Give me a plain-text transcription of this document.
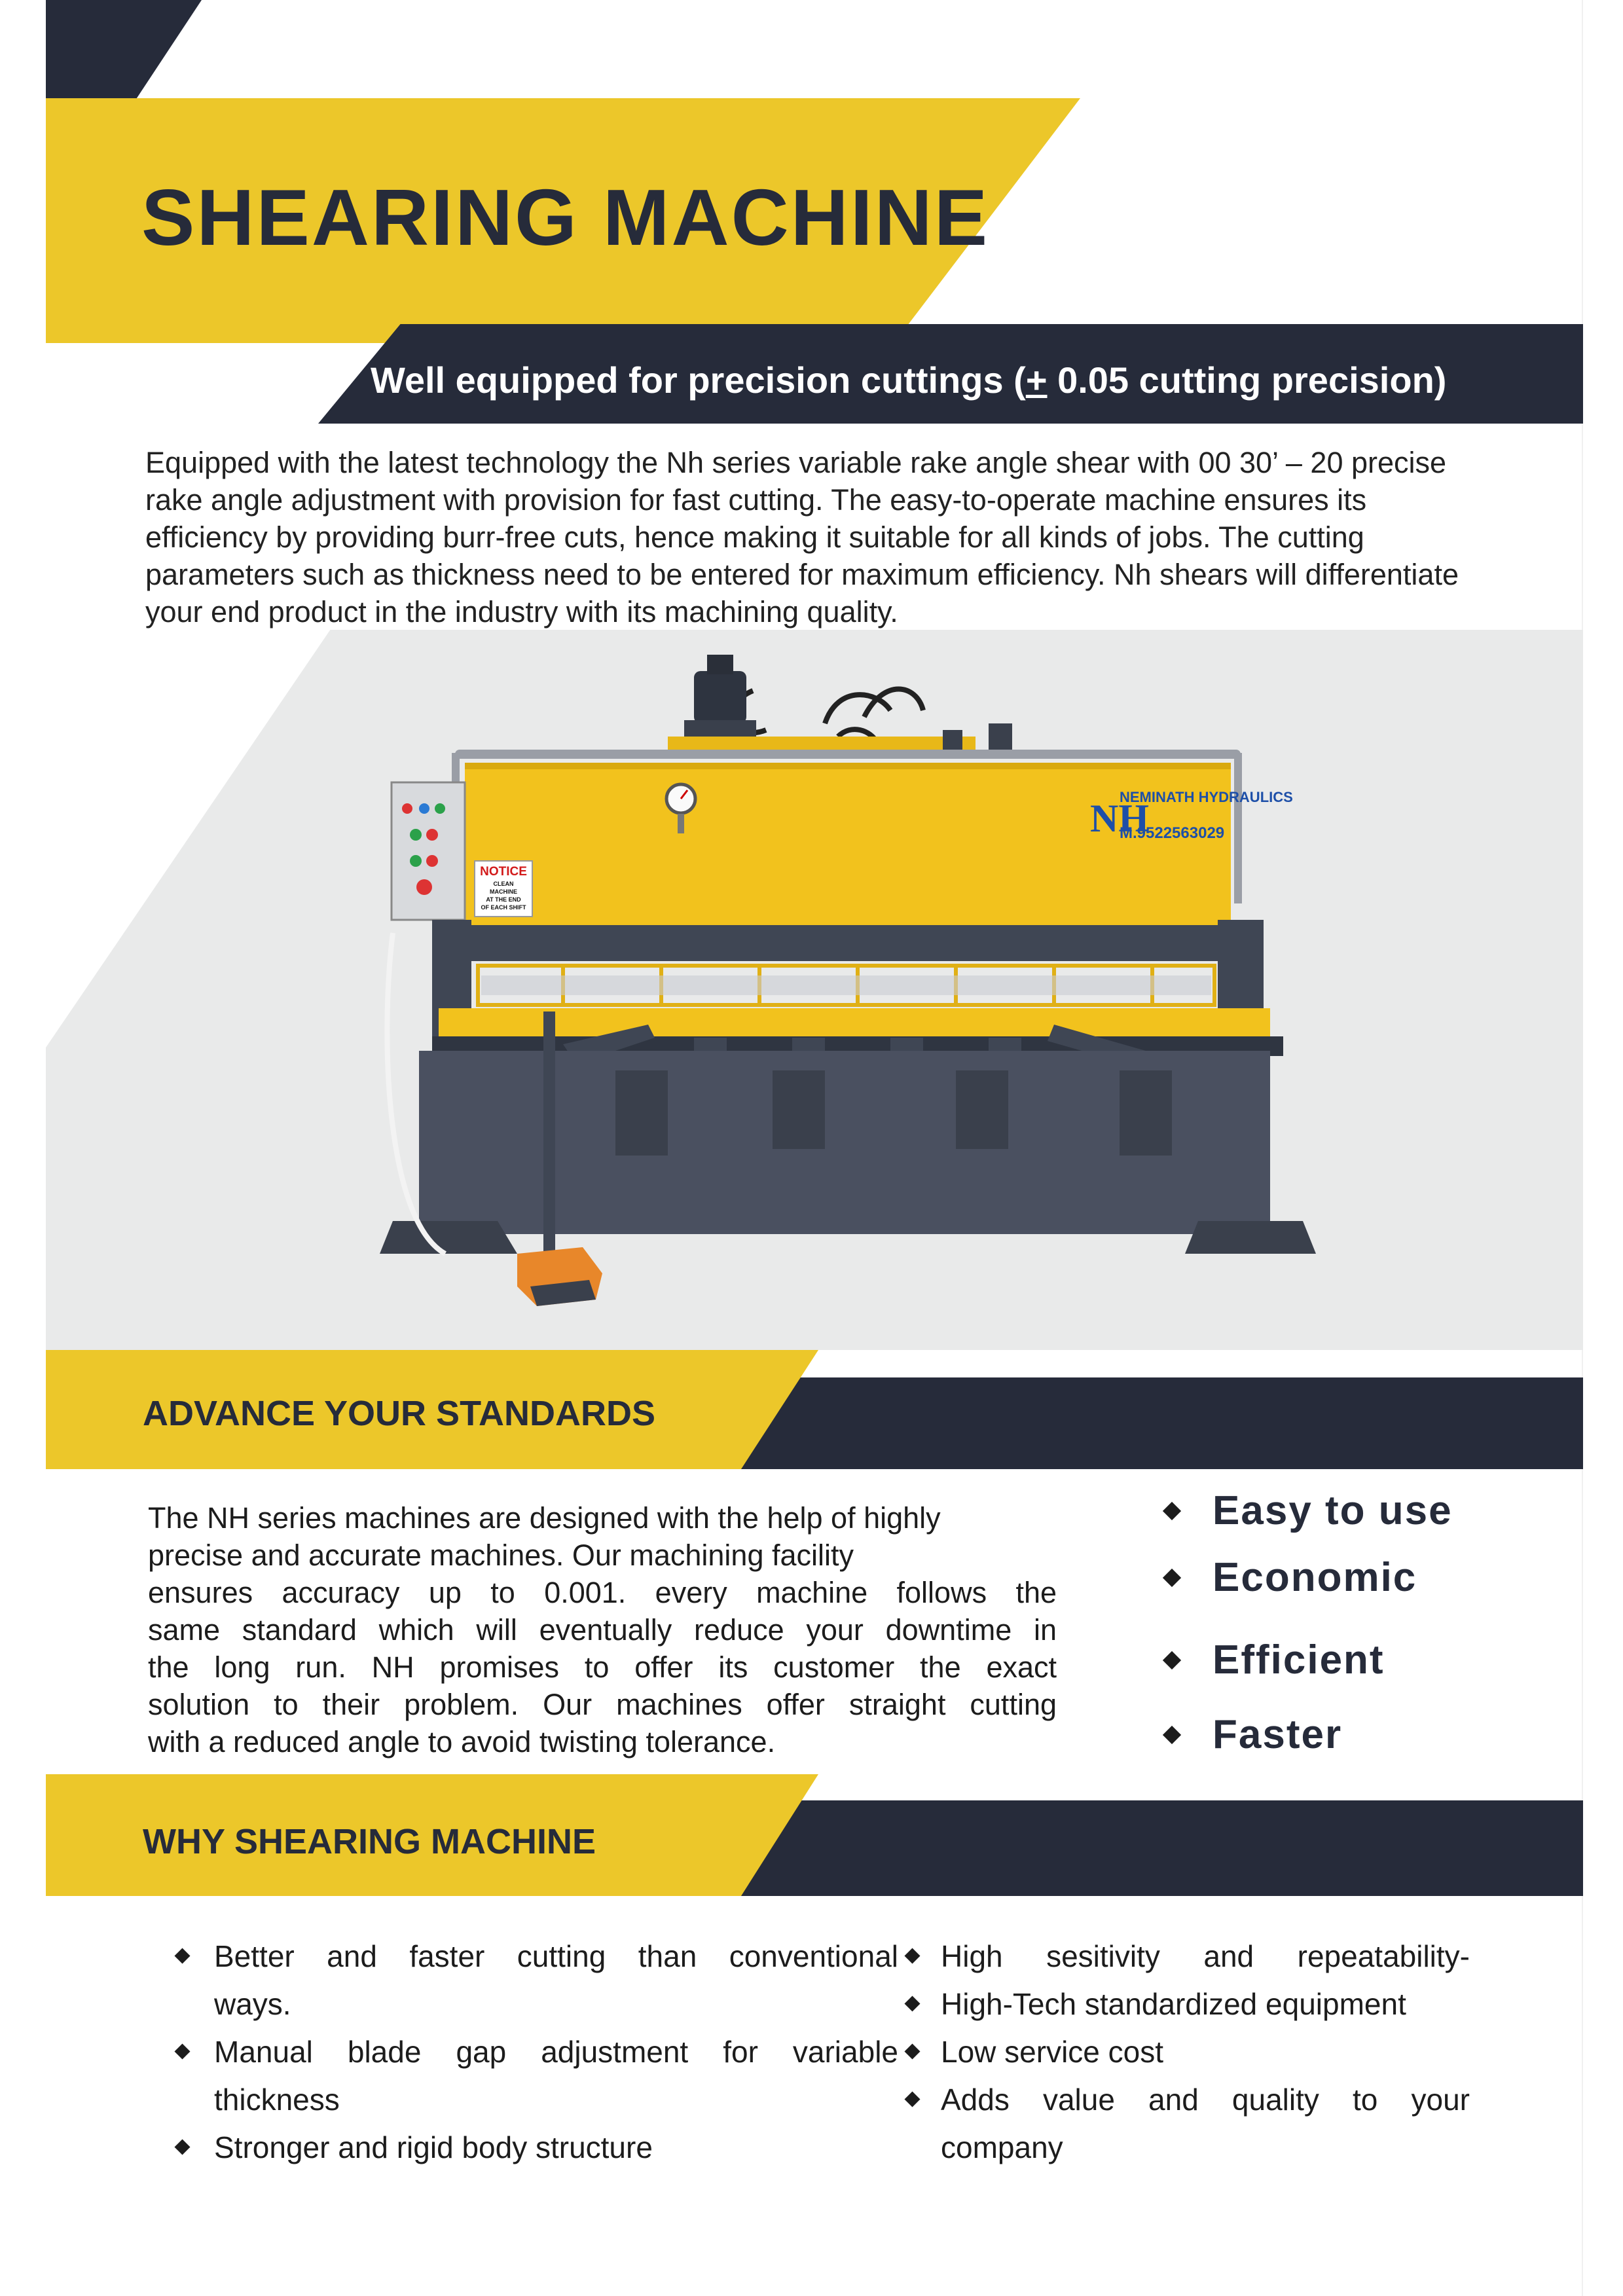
SHEARING MACHINE
Well equipped for precision cuttings (+ 0.05 cutting precision)
Equipped with the latest technology the Nh series variable rake angle shear with 00 30’ – 20 precise rake angle adjustment with provision for fast cutting. The easy-to-operate machine ensures its efficiency by providing burr-free cuts, hence making it suitable for all kinds of jobs. The cutting parameters such as thickness need to be entered for maximum efficiency. Nh shears will differentiate your end product in the industry with its machining quality.
NH
NEMINATH HYDRAULICS
M.9522563029
NOTICE
CLEAN
MACHINE
AT THE END
OF EACH SHIFT
ADVANCE YOUR STANDARDS
The NH series machines are designed with the help of highly
precise and accurate machines. Our machining facility
ensures accuracy up to 0.001. every machine follows the
same standard which will eventually reduce your downtime in
the long run. NH promises to offer its customer the exact
solution to their problem. Our machines offer straight cutting
with a reduced angle to avoid twisting tolerance.
Easy to use
Economic
Efficient
Faster
WHY SHEARING MACHINE
Better and faster cutting than conventional
ways.
Manual blade gap adjustment for variable
thickness
Stronger and rigid body structure
High sesitivity and repeatability-
High-Tech standardized equipment
Low service cost
Adds value and quality to your
company
